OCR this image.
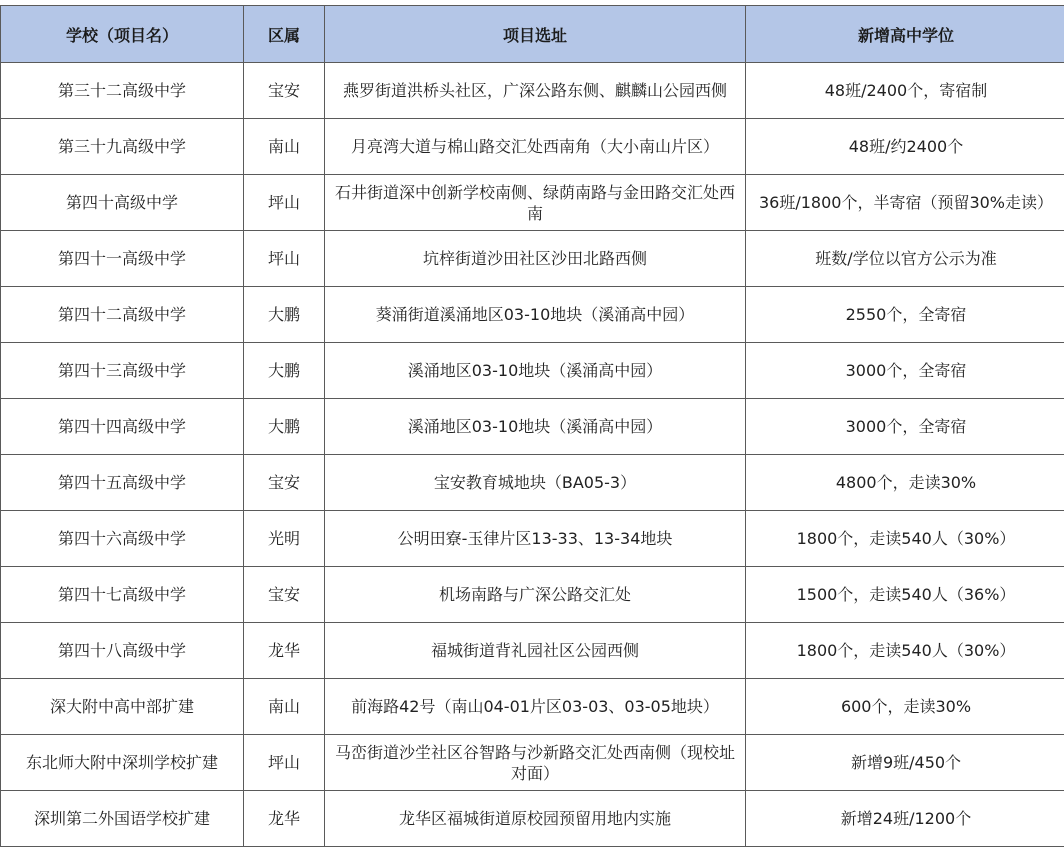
学校（项目名）	区属	项目选址	新增高中学位
第三十二高级中学	宝安	燕罗街道洪桥头社区，广深公路东侧、麒麟山公园西侧	48班/2400个，寄宿制
第三十九高级中学	南山	月亮湾大道与棉山路交汇处西南角（大小南山片区）	48班/约2400个
第四十高级中学	坪山	石井街道深中创新学校南侧、绿荫南路与金田路交汇处西南	36班/1800个，半寄宿（预留30%走读）
第四十一高级中学	坪山	坑梓街道沙田社区沙田北路西侧	班数/学位以官方公示为准
第四十二高级中学	大鹏	葵涌街道溪涌地区03-10地块（溪涌高中园）	2550个，全寄宿
第四十三高级中学	大鹏	溪涌地区03-10地块（溪涌高中园）	3000个，全寄宿
第四十四高级中学	大鹏	溪涌地区03-10地块（溪涌高中园）	3000个，全寄宿
第四十五高级中学	宝安	宝安教育城地块（BA05-3）	4800个，走读30%
第四十六高级中学	光明	公明田寮-玉律片区13-33、13-34地块	1800个，走读540人（30%）
第四十七高级中学	宝安	机场南路与广深公路交汇处	1500个，走读540人（36%）
第四十八高级中学	龙华	福城街道背礼园社区公园西侧	1800个，走读540人（30%）
深大附中高中部扩建	南山	前海路42号（南山04-01片区03-03、03-05地块）	600个，走读30%
东北师大附中深圳学校扩建	坪山	马峦街道沙坣社区谷智路与沙新路交汇处西南侧（现校址对面）	新增9班/450个
深圳第二外国语学校扩建	龙华	龙华区福城街道原校园预留用地内实施	新增24班/1200个
